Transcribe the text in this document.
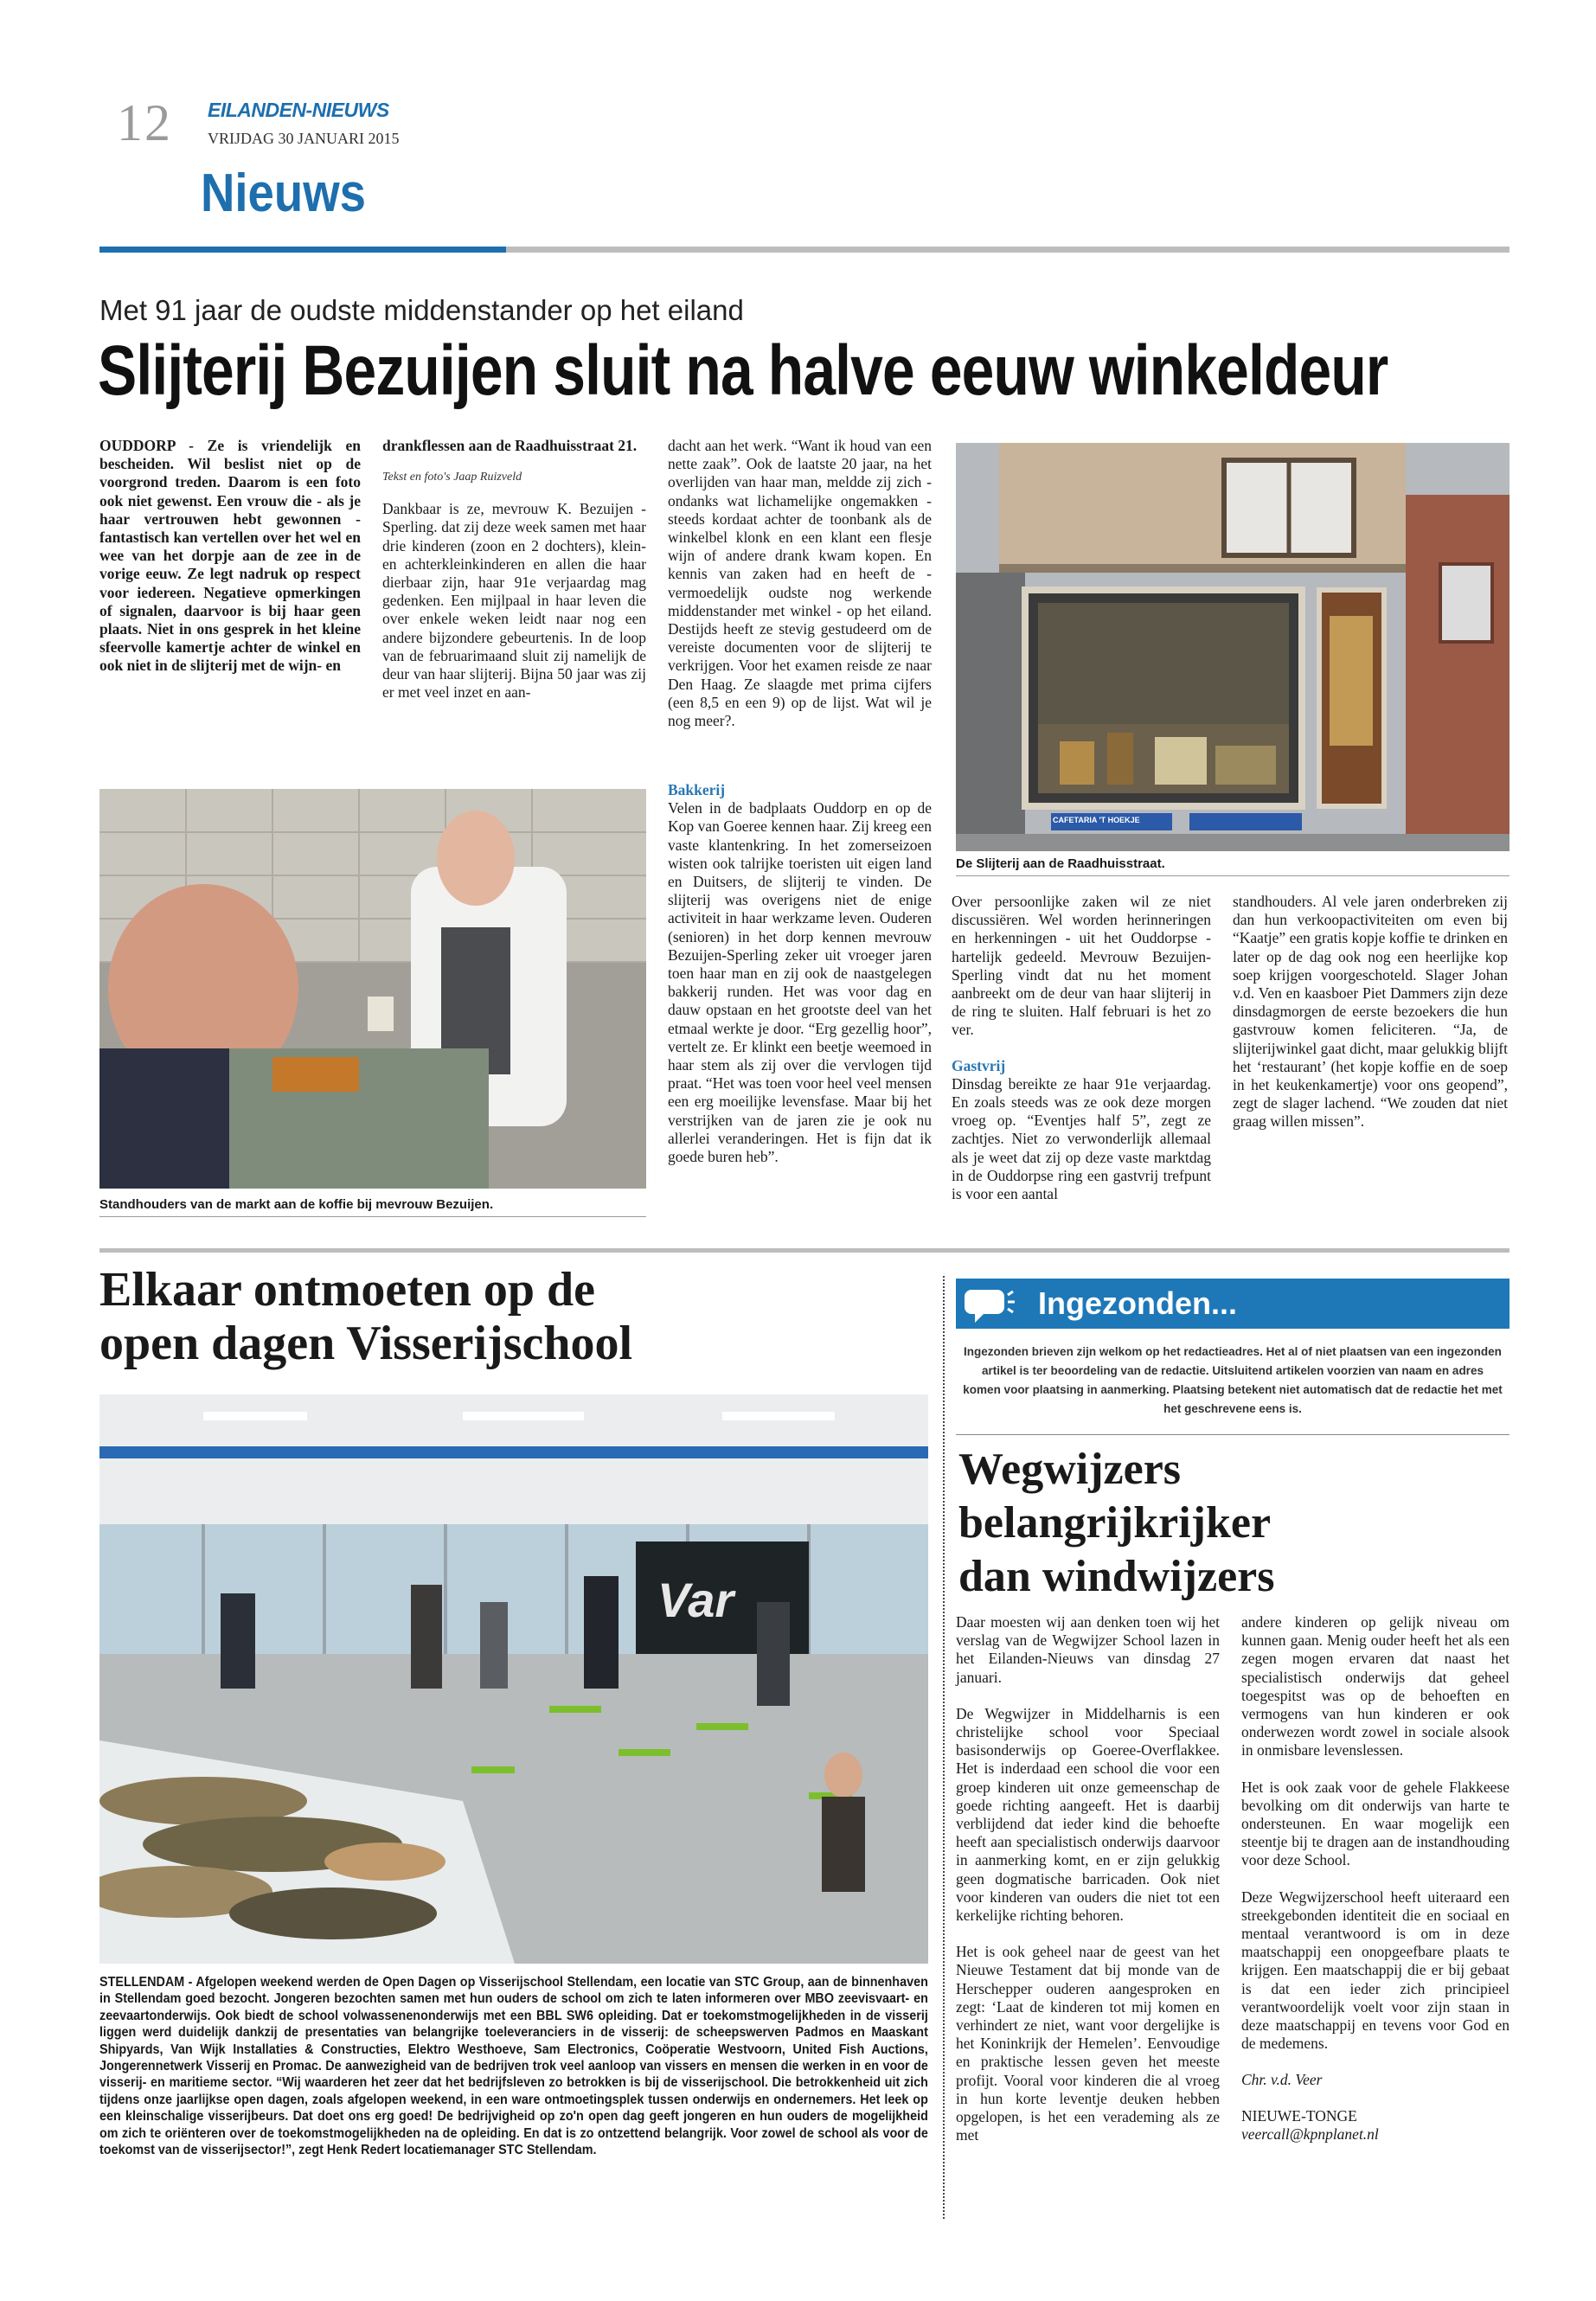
12 EILANDEN-NIEUWS
VRIJDAG 30 JANUARI 2015
Nieuws
Met 91 jaar de oudste middenstander op het eiland
Slijterij Bezuijen sluit na halve eeuw winkeldeur
OUDDORP - Ze is vriendelijk en bescheiden. Wil beslist niet op de voorgrond treden. Daarom is een foto ook niet gewenst. Een vrouw die - als je haar vertrouwen hebt gewonnen - fantastisch kan vertellen over het wel en wee van het dorpje aan de zee in de vorige eeuw. Ze legt nadruk op respect voor iedereen. Negatieve opmerkingen of signalen, daarvoor is bij haar geen plaats. Niet in ons gesprek in het kleine sfeervolle kamertje achter de winkel en ook niet in de slijterij met de wijn- en
drankflessen aan de Raadhuisstraat 21.
Tekst en foto's Jaap Ruizveld
Dankbaar is ze, mevrouw K. Bezuijen - Sperling. dat zij deze week samen met haar drie kinderen (zoon en 2 dochters), klein- en achterkleinkinderen en allen die haar dierbaar zijn, haar 91e verjaardag mag gedenken. Een mijlpaal in haar leven die over enkele weken leidt naar nog een andere bijzondere gebeurtenis. In de loop van de februarimaand sluit zij namelijk de deur van haar slijterij. Bijna 50 jaar was zij er met veel inzet en aan-
dacht aan het werk. “Want ik houd van een nette zaak”. Ook de laatste 20 jaar, na het overlijden van haar man, meldde zij zich - ondanks wat lichamelijke ongemakken - steeds kordaat achter de toonbank als de winkelbel klonk en een klant een flesje wijn of andere drank kwam kopen. En kennis van zaken had en heeft de - vermoedelijk oudste nog werkende middenstander met winkel - op het eiland. Destijds heeft ze stevig gestudeerd om de vereiste documenten voor de slijterij te verkrijgen. Voor het examen reisde ze naar Den Haag. Ze slaagde met prima cijfers (een 8,5 en een 9) op de lijst. Wat wil je nog meer?.
CAFETARIA 'T HOEKJE
De Slijterij aan de Raadhuisstraat.
Standhouders van de markt aan de koffie bij mevrouw Bezuijen.
Bakkerij
Velen in de badplaats Ouddorp en op de Kop van Goeree kennen haar. Zij kreeg een vaste klantenkring. In het zomerseizoen wisten ook talrijke toeristen uit eigen land en Duitsers, de slijterij te vinden. De slijterij was overigens niet de enige activiteit in haar werkzame leven. Ouderen (senioren) in het dorp kennen mevrouw Bezuijen-Sperling zeker uit vroeger jaren toen haar man en zij ook de naastgelegen bakkerij runden. Het was voor dag en dauw opstaan en het grootste deel van het etmaal werkte je door. “Erg gezellig hoor”, vertelt ze. Er klinkt een beetje weemoed in haar stem als zij over die vervlogen tijd praat. “Het was toen voor heel veel mensen een erg moeilijke levensfase. Maar bij het verstrijken van de jaren zie je ook nu allerlei veranderingen. Het is fijn dat ik goede buren heb”.
Over persoonlijke zaken wil ze niet discussiëren. Wel worden herinneringen en herkenningen - uit het Ouddorpse - hartelijk gedeeld. Mevrouw Bezuijen-Sperling vindt dat nu het moment aanbreekt om de deur van haar slijterij in de ring te sluiten. Half februari is het zo ver.
Gastvrij
Dinsdag bereikte ze haar 91e verjaardag. En zoals steeds was ze ook deze morgen vroeg op. “Eventjes half 5”, zegt ze zachtjes. Niet zo verwonderlijk allemaal als je weet dat zij op deze vaste marktdag in de Ouddorpse ring een gastvrij trefpunt is voor een aantal
standhouders. Al vele jaren onderbreken zij dan hun verkoopactiviteiten om even bij “Kaatje” een gratis kopje koffie te drinken en later op de dag ook nog een heerlijke kop soep krijgen voorgeschoteld. Slager Johan v.d. Ven en kaasboer Piet Dammers zijn deze dinsdagmorgen de eerste bezoekers die hun gastvrouw komen feliciteren. “Ja, de slijterijwinkel gaat dicht, maar gelukkig blijft het ‘restaurant’ (het kopje koffie en de soep in het keukenkamertje) voor ons geopend”, zegt de slager lachend. “We zouden dat niet graag willen missen”.
Elkaar ontmoeten op de
open dagen Visserijschool
Var
STELLENDAM - Afgelopen weekend werden de Open Dagen op Visserijschool Stellendam, een locatie van STC Group, aan de binnenhaven in Stellendam goed bezocht. Jongeren bezochten samen met hun ouders de school om zich te laten informeren over MBO zeevisvaart- en zeevaartonderwijs. Ook biedt de school volwassenenonderwijs met een BBL SW6 opleiding. Dat er toekomstmogelijkheden in de visserij liggen werd duidelijk dankzij de presentaties van belangrijke toeleveranciers in de visserij: de scheepswerven Padmos en Maaskant Shipyards, Van Wijk Installaties & Constructies, Elektro Westhoeve, Sam Electronics, Coöperatie Westvoorn, United Fish Auctions, Jongerennetwerk Visserij en Promac. De aanwezigheid van de bedrijven trok veel aanloop van vissers en mensen die werken in en voor de visserij- en maritieme sector. “Wij waarderen het zeer dat het bedrijfsleven zo betrokken is bij de visserijschool. Die betrokkenheid uit zich tijdens onze jaarlijkse open dagen, zoals afgelopen weekend, in een ware ontmoetingsplek tussen onderwijs en ondernemers. Het leek op een kleinschalige visserijbeurs. Dat doet ons erg goed! De bedrijvigheid op zo'n open dag geeft jongeren en hun ouders de mogelijkheid om zich te oriënteren over de toekomstmogelijkheden na de opleiding. En dat is zo ontzettend belangrijk. Voor zowel de school als voor de toekomst van de visserijsector!”, zegt Henk Redert locatiemanager STC Stellendam.
Ingezonden...
Ingezonden brieven zijn welkom op het redactieadres. Het al of niet plaatsen van een ingezonden artikel is ter beoordeling van de redactie. Uitsluitend artikelen voorzien van naam en adres komen voor plaatsing in aanmerking. Plaatsing betekent niet automatisch dat de redactie het met het geschrevene eens is.
Wegwijzers
belangrijkrijker
dan windwijzers
Daar moesten wij aan denken toen wij het verslag van de Wegwijzer School lazen in het Eilanden-Nieuws van dinsdag 27 januari.
De Wegwijzer in Middelharnis is een christelijke school voor Speciaal basisonderwijs op Goeree-Overflakkee. Het is inderdaad een school die voor een groep kinderen uit onze gemeenschap de goede richting aangeeft. Het is daarbij verblijdend dat ieder kind die behoefte heeft aan specialistisch onderwijs daarvoor in aanmerking komt, en er zijn gelukkig geen dogmatische barricaden. Ook niet voor kinderen van ouders die niet tot een kerkelijke richting behoren.
Het is ook geheel naar de geest van het Nieuwe Testament dat bij monde van de Herschepper ouderen aangesproken en zegt: ‘Laat de kinderen tot mij komen en verhindert ze niet, want voor dergelijke is het Koninkrijk der Hemelen’. Eenvoudige en praktische lessen geven het meeste profijt. Vooral voor kinderen die al vroeg in hun korte leventje deuken hebben opgelopen, is het een verademing als ze met
andere kinderen op gelijk niveau om kunnen gaan. Menig ouder heeft het als een zegen mogen ervaren dat naast het specialistisch onderwijs dat geheel toegespitst was op de behoeften en vermogens van hun kinderen er ook onderwezen wordt zowel in sociale alsook in onmisbare levenslessen.
Het is ook zaak voor de gehele Flakkeese bevolking om dit onderwijs van harte te ondersteunen. En waar mogelijk een steentje bij te dragen aan de instandhouding voor deze School.
Deze Wegwijzerschool heeft uiteraard een streekgebonden identiteit die en sociaal en mentaal verantwoord is om in deze maatschappij een onopgeefbare plaats te krijgen. Een maatschappij die er bij gebaat is dat een ieder zich principieel verantwoordelijk voelt voor zijn staan in deze maatschappij en tevens voor God en de medemens.
Chr. v.d. Veer
NIEUWE-TONGE
veercall@kpnplanet.nl
